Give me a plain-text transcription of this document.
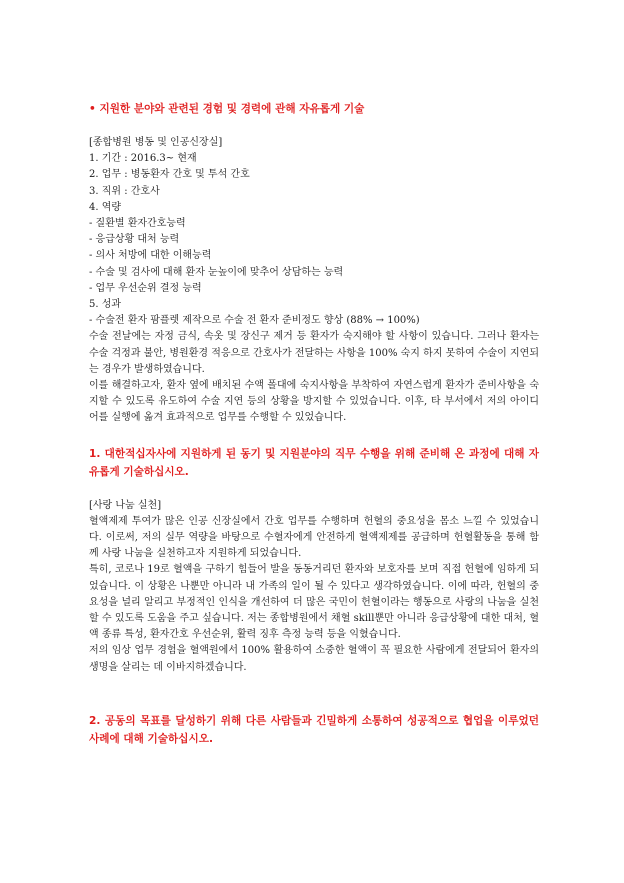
• 지원한 분야와 관련된 경험 및 경력에 관해 자유롭게 기술

[종합병원 병동 및 인공신장실]

1. 기간 : 2016.3~ 현재

2. 업무 : 병동환자 간호 및 투석 간호

3. 직위 : 간호사

4. 역량

- 질환별 환자간호능력

- 응급상황 대처 능력

- 의사 처방에 대한 이해능력

- 수술 및 검사에 대해 환자 눈높이에 맞추어 상담하는 능력

- 업무 우선순위 결정 능력

5. 성과

- 수술전 환자 팜플렛 제작으로 수술 전 환자 준비정도 향상 (88% → 100%)

수술 전날에는 자정 금식, 속옷 및 장신구 제거 등 환자가 숙지해야 할 사항이 있습니다. 그러나 환자는 수술 걱정과 불안, 병원환경 적응으로 간호사가 전달하는 사항을 100% 숙지 하지 못하여 수술이 지연되는 경우가 발생하였습니다.

이를 해결하고자, 환자 옆에 배치된 수액 폴대에 숙지사항을 부착하여 자연스럽게 환자가 준비사항을 숙지할 수 있도록 유도하여 수술 지연 등의 상황을 방지할 수 있었습니다. 이후, 타 부서에서 저의 아이디어를 실행에 옮겨 효과적으로 업무를 수행할 수 있었습니다.

1. 대한적십자사에 지원하게 된 동기 및 지원분야의 직무 수행을 위해 준비해 온 과정에 대해 자유롭게 기술하십시오.

[사랑 나눔 실천]

혈액제제 투여가 많은 인공 신장실에서 간호 업무를 수행하며 헌혈의 중요성을 몸소 느낄 수 있었습니다. 이로써, 저의 실무 역량을 바탕으로 수혈자에게 안전하게 혈액제제를 공급하며 헌혈활동을 통해 함께 사랑 나눔을 실천하고자 지원하게 되었습니다.

특히, 코로나 19로 혈액을 구하기 힘들어 발을 동동거리던 환자와 보호자를 보며 직접 헌혈에 임하게 되었습니다. 이 상황은 나뿐만 아니라 내 가족의 일이 될 수 있다고 생각하였습니다. 이에 따라, 헌혈의 중요성을 널리 알리고 부정적인 인식을 개선하여 더 많은 국민이 헌혈이라는 행동으로 사랑의 나눔을 실천할 수 있도록 도움을 주고 싶습니다. 저는 종합병원에서 채혈 skill뿐만 아니라 응급상황에 대한 대처, 혈액 종류 특성, 환자간호 우선순위, 활력 징후 측정 능력 등을 익혔습니다.

저의 임상 업무 경험을 혈액원에서 100% 활용하여 소중한 혈액이 꼭 필요한 사람에게 전달되어 환자의 생명을 살리는 데 이바지하겠습니다.

2. 공동의 목표를 달성하기 위해 다른 사람들과 긴밀하게 소통하여 성공적으로 협업을 이루었던 사례에 대해 기술하십시오.
